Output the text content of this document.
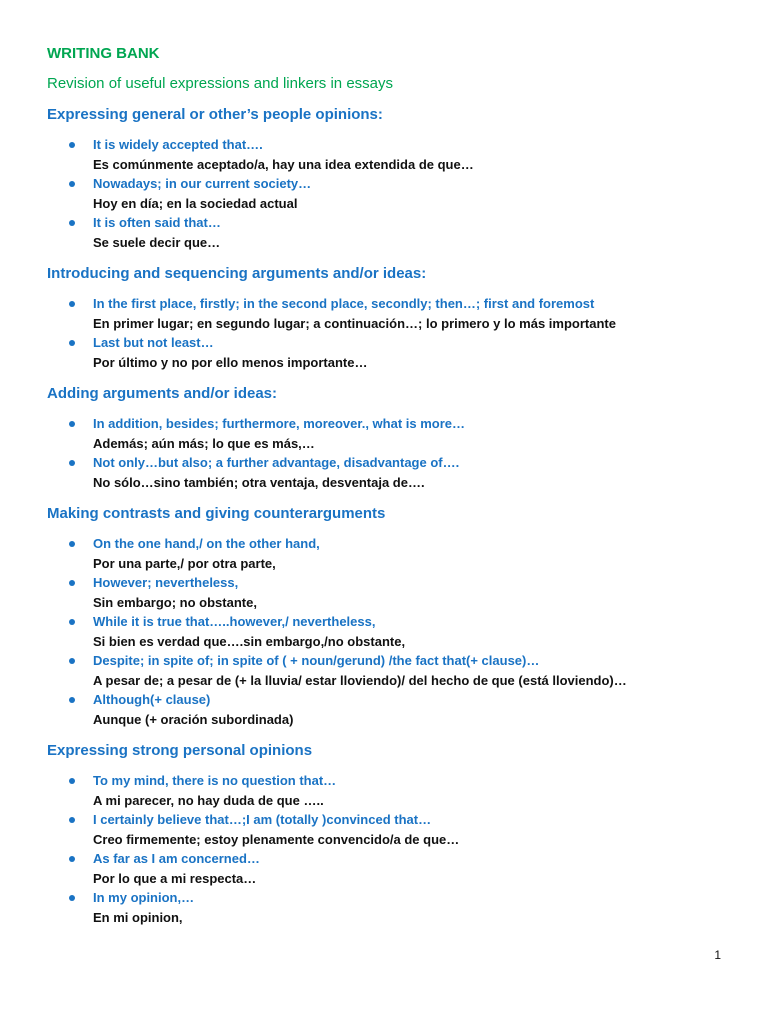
WRITING BANK

Revision of useful expressions and linkers in essays

Expressing general or other’s people opinions:
It is widely accepted that….
Es comúnmente aceptado/a, hay una idea extendida de que…
Nowadays; in our current society…
Hoy en día; en la sociedad actual
It is often said that…
Se suele decir que…
Introducing and sequencing arguments and/or ideas:
In the first place, firstly; in the second place, secondly; then…; first and foremost
En primer lugar; en segundo lugar; a continuación…; lo primero y lo más importante
Last but not least…
Por último y no por ello menos importante…
Adding arguments and/or ideas:
In addition, besides; furthermore, moreover., what is more…
Además; aún más; lo que es más,…
Not only…but also; a further advantage, disadvantage of….
No sólo…sino también; otra ventaja, desventaja de….
Making contrasts and giving counterarguments
On the one hand,/ on the other hand,
Por una parte,/ por otra parte,
However; nevertheless,
Sin embargo; no obstante,
While it is true that…..however,/ nevertheless,
Si bien es verdad que….sin embargo,/no obstante,
Despite; in spite of; in spite of ( + noun/gerund) /the fact that(+ clause)…
A pesar de; a pesar de (+ la lluvia/ estar lloviendo)/ del hecho de que (está lloviendo)…
Although(+ clause)
Aunque (+ oración subordinada)
Expressing strong personal opinions
To my mind, there is no question that…
A mi parecer, no hay duda de que …..
I certainly believe that…;I am (totally )convinced that…
Creo firmemente; estoy plenamente convencido/a de que…
As far as I am concerned…
Por lo que a mi respecta…
In my opinion,…
En mi opinion,
1
